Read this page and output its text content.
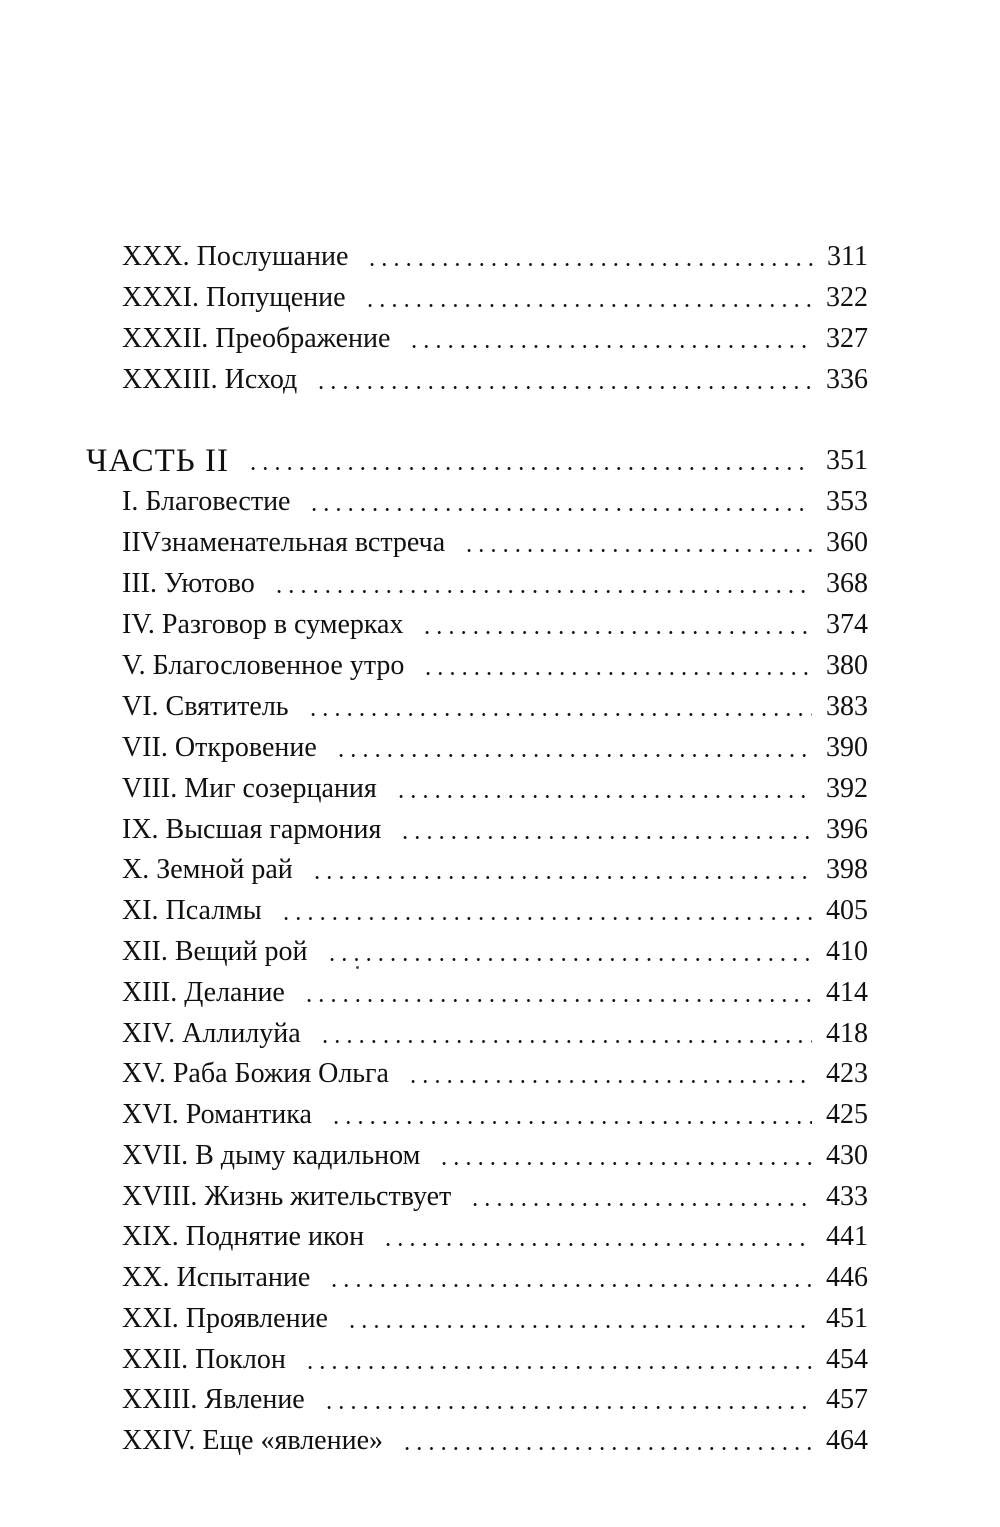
XXX. Послушание	311
XXXI. Попущение	322
XXXII. Преображение	327
XXXIII. Исход	336
ЧАСТЬ II	351
I. Благовестие	353
IIVзнаменательная встреча	360
III. Уютово	368
IV. Разговор в сумерках	374
V. Благословенное утро	380
VI. Святитель	383
VII. Откровение	390
VIII. Миг созерцания	392
IX. Высшая гармония	396
X. Земной рай	398
XI. Псалмы	405
XII. Вещий рой	410
XIII. Делание	414
XIV. Аллилуйа	418
XV. Раба Божия Ольга	423
XVI. Романтика	425
XVII. В дыму кадильном	430
XVIII. Жизнь жительствует	433
XIX. Поднятие икон	441
XX. Испытание	446
XXI. Проявление	451
XXII. Поклон	454
XXIII. Явление	457
XXIV. Еще «явление»	464
